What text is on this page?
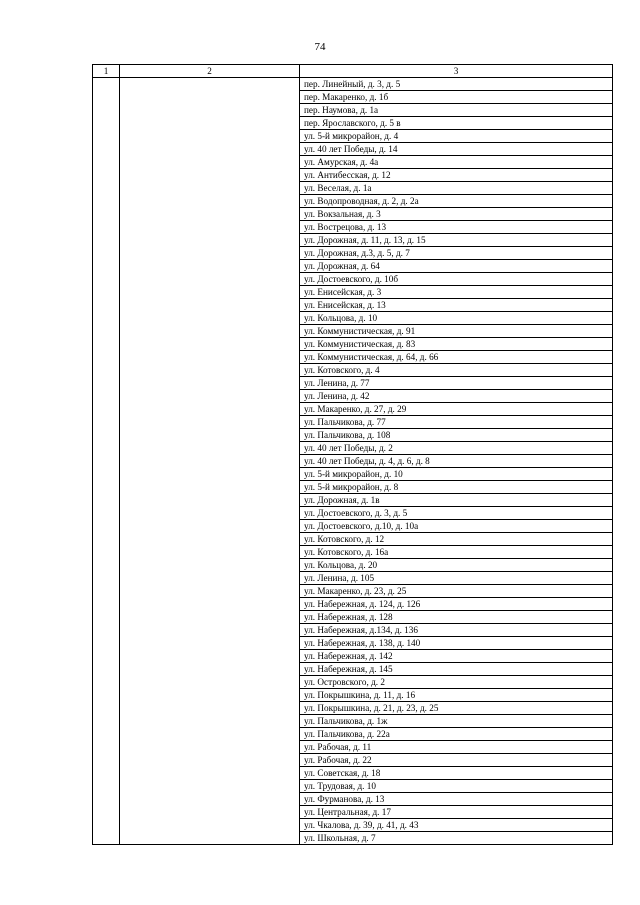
74
1	2	3
		пер. Линейный, д. 3, д. 5
		пер. Макаренко, д. 1б
		пер. Наумова, д. 1а
		пер. Ярославского, д. 5 в
		ул. 5-й микрорайон, д. 4
		ул. 40 лет Победы, д. 14
		ул. Амурская, д. 4а
		ул. Антибесская, д. 12
		ул. Веселая, д. 1а
		ул. Водопроводная, д. 2, д. 2а
		ул. Вокзальная, д. 3
		ул. Вострецова, д. 13
		ул. Дорожная, д. 11, д. 13, д. 15
		ул. Дорожная, д.3, д. 5, д. 7
		ул. Дорожная, д. 64
		ул. Достоевского, д. 10б
		ул. Енисейская, д. 3
		ул. Енисейская, д. 13
		ул. Кольцова, д. 10
		ул. Коммунистическая, д. 91
		ул. Коммунистическая, д. 83
		ул. Коммунистическая, д. 64, д. 66
		ул. Котовского, д. 4
		ул. Ленина, д. 77
		ул. Ленина, д. 42
		ул. Макаренко, д. 27, д. 29
		ул. Пальчикова, д. 77
		ул. Пальчикова, д. 108
		ул. 40 лет Победы, д. 2
		ул. 40 лет Победы, д. 4, д. 6, д. 8
		ул. 5-й микрорайон, д. 10
		ул. 5-й микрорайон, д. 8
		ул. Дорожная, д. 1в
		ул. Достоевского, д. 3, д. 5
		ул. Достоевского, д.10, д. 10а
		ул. Котовского, д. 12
		ул. Котовского, д. 16а
		ул. Кольцова, д. 20
		ул. Ленина, д. 105
		ул. Макаренко, д. 23, д. 25
		ул. Набережная, д. 124, д. 126
		ул. Набережная, д. 128
		ул. Набережная, д.134, д. 136
		ул. Набережная, д. 138, д. 140
		ул. Набережная, д. 142
		ул. Набережная, д. 145
		ул. Островского, д. 2
		ул. Покрышкина, д. 11, д. 16
		ул. Покрышкина, д. 21, д. 23, д. 25
		ул. Пальчикова, д. 1ж
		ул. Пальчикова, д. 22а
		ул. Рабочая, д. 11
		ул. Рабочая, д. 22
		ул. Советская, д. 18
		ул. Трудовая, д. 10
		ул. Фурманова, д. 13
		ул. Центральная, д. 17
		ул. Чкалова, д. 39, д. 41, д. 43
		ул. Школьная, д. 7
